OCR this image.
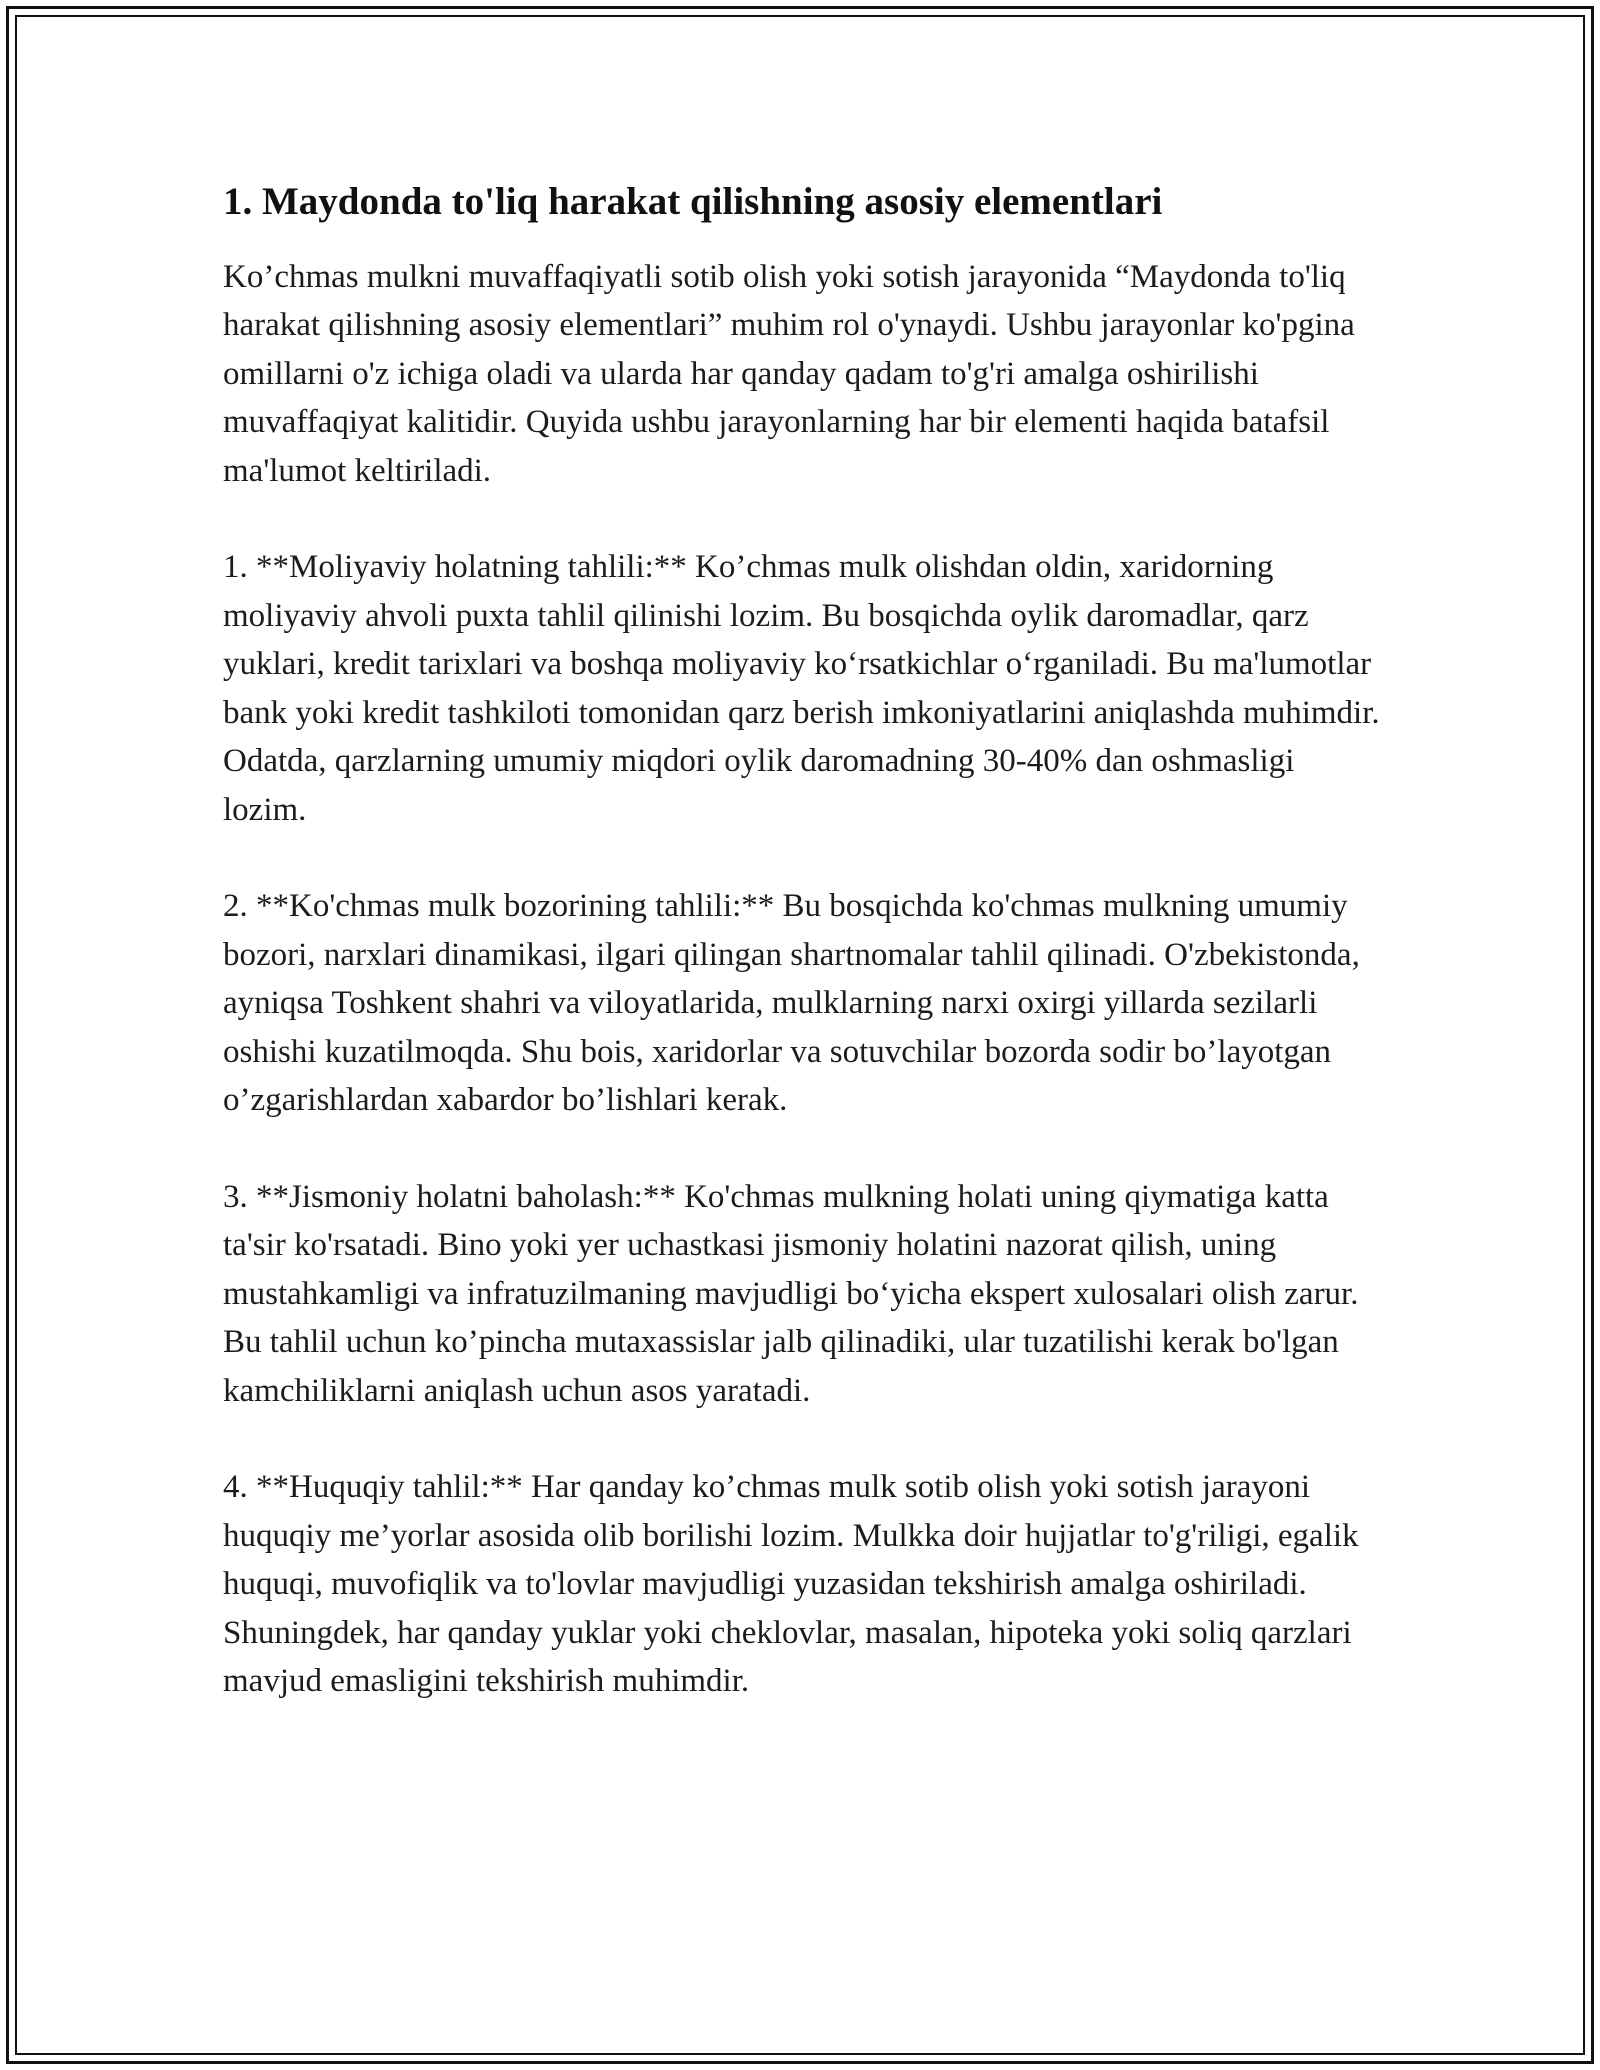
1. Maydonda to'liq harakat qilishning asosiy elementlari

Ko’chmas mulkni muvaffaqiyatli sotib olish yoki sotish jarayonida “Maydonda to'liq harakat qilishning asosiy elementlari” muhim rol o'ynaydi. Ushbu jarayonlar ko'pgina omillarni o'z ichiga oladi va ularda har qanday qadam to'g'ri amalga oshirilishi muvaffaqiyat kalitidir. Quyida ushbu jarayonlarning har bir elementi haqida batafsil ma'lumot keltiriladi.

1. **Moliyaviy holatning tahlili:** Ko’chmas mulk olishdan oldin, xaridorning moliyaviy ahvoli puxta tahlil qilinishi lozim. Bu bosqichda oylik daromadlar, qarz yuklari, kredit tarixlari va boshqa moliyaviy ko‘rsatkichlar o‘rganiladi. Bu ma'lumotlar bank yoki kredit tashkiloti tomonidan qarz berish imkoniyatlarini aniqlashda muhimdir. Odatda, qarzlarning umumiy miqdori oylik daromadning 30-40% dan oshmasligi lozim.

2. **Ko'chmas mulk bozorining tahlili:** Bu bosqichda ko'chmas mulkning umumiy bozori, narxlari dinamikasi, ilgari qilingan shartnomalar tahlil qilinadi. O'zbekistonda, ayniqsa Toshkent shahri va viloyatlarida, mulklarning narxi oxirgi yillarda sezilarli oshishi kuzatilmoqda. Shu bois, xaridorlar va sotuvchilar bozorda sodir bo’layotgan o’zgarishlardan xabardor bo’lishlari kerak.

3. **Jismoniy holatni baholash:** Ko'chmas mulkning holati uning qiymatiga katta ta'sir ko'rsatadi. Bino yoki yer uchastkasi jismoniy holatini nazorat qilish, uning mustahkamligi va infratuzilmaning mavjudligi bo‘yicha ekspert xulosalari olish zarur. Bu tahlil uchun ko’pincha mutaxassislar jalb qilinadiki, ular tuzatilishi kerak bo'lgan kamchiliklarni aniqlash uchun asos yaratadi.

4. **Huquqiy tahlil:** Har qanday ko’chmas mulk sotib olish yoki sotish jarayoni huquqiy me’yorlar asosida olib borilishi lozim. Mulkka doir hujjatlar to'g'riligi, egalik huquqi, muvofiqlik va to'lovlar mavjudligi yuzasidan tekshirish amalga oshiriladi. Shuningdek, har qanday yuklar yoki cheklovlar, masalan, hipoteka yoki soliq qarzlari mavjud emasligini tekshirish muhimdir.
